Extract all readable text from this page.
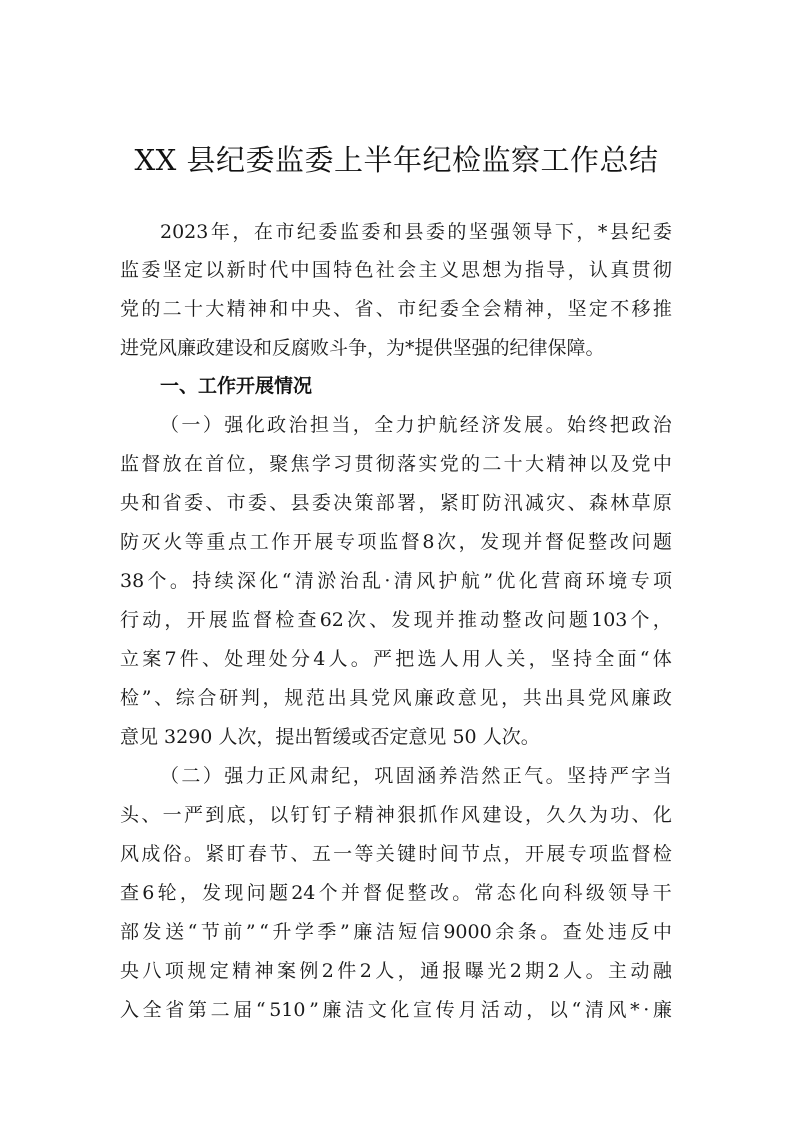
XX 县纪委监委上半年纪检监察工作总结
2023 年 ， 在 市 纪 委 监 委 和 县 委 的 坚 强 领 导 下 ， * 县 纪 委
监 委 坚 定 以 新 时 代 中 国 特 色 社 会 主 义 思 想 为 指 导 ， 认 真 贯 彻
党 的 二 十 大 精 神 和 中 央 、 省 、 市 纪 委 全 会 精 神 ， 坚 定 不 移 推
进党风廉政建设和反腐败斗争，为*提供坚强的纪律保障。
一、工作开展情况
（ 一 ） 强 化 政 治 担 当 ， 全 力 护 航 经 济 发 展 。 始 终 把 政 治
监 督 放 在 首 位 ， 聚 焦 学 习 贯 彻 落 实 党 的 二 十 大 精 神 以 及 党 中
央 和 省 委 、 市 委 、 县 委 决 策 部 署 ， 紧 盯 防 汛 减 灾 、 森 林 草 原
防 灭 火 等 重 点 工 作 开 展 专 项 监 督 8 次 ， 发 现 并 督 促 整 改 问 题
38 个 。 持 续 深 化 “ 清 淤 治 乱 · 清 风 护 航 ” 优 化 营 商 环 境 专 项
行 动 ， 开 展 监 督 检 查 62 次 、 发 现 并 推 动 整 改 问 题 103 个 ，
立 案 7 件 、 处 理 处 分 4 人 。 严 把 选 人 用 人 关 ， 坚 持 全 面 “ 体
检 ” 、 综 合 研 判 ， 规 范 出 具 党 风 廉 政 意 见 ， 共 出 具 党 风 廉 政
意见 3290 人次，提出暂缓或否定意见 50 人次。
（ 二 ） 强 力 正 风 肃 纪 ， 巩 固 涵 养 浩 然 正 气 。 坚 持 严 字 当
头 、 一 严 到 底 ， 以 钉 钉 子 精 神 狠 抓 作 风 建 设 ， 久 久 为 功 、 化
风 成 俗 。 紧 盯 春 节 、 五 一 等 关 键 时 间 节 点 ， 开 展 专 项 监 督 检
查 6 轮 ， 发 现 问 题 24 个 并 督 促 整 改 。 常 态 化 向 科 级 领 导 干
部 发 送 “ 节 前 ” “ 升 学 季 ” 廉 洁 短 信 9000 余 条 。 查 处 违 反 中
央 八 项 规 定 精 神 案 例 2 件 2 人 ， 通 报 曝 光 2 期 2 人 。 主 动 融
入 全 省 第 二 届 “ 510 ” 廉 洁 文 化 宣 传 月 活 动 ， 以 “ 清 风 * · 廉
